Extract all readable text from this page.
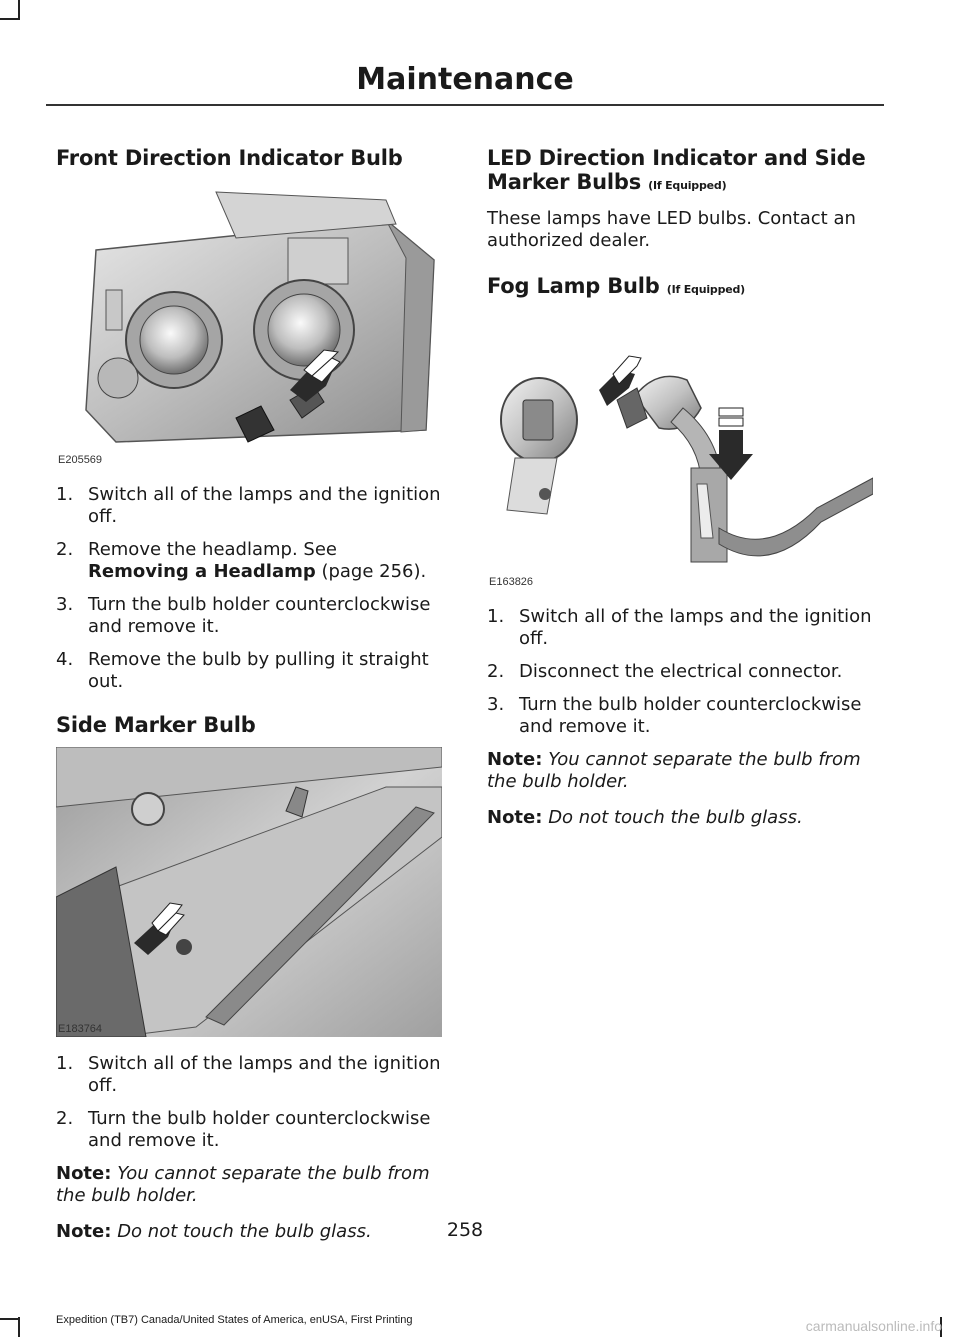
Maintenance
Front Direction Indicator Bulb
E205569
1. Switch all of the lamps and the ignition off.
2. Remove the headlamp. See
Removing a Headlamp (page 256).
3. Turn the bulb holder counterclockwise and remove it.
4. Remove the bulb by pulling it straight out.
Side Marker Bulb
E183764
1. Switch all of the lamps and the ignition off.
2. Turn the bulb holder counterclockwise and remove it.

Note: You cannot separate the bulb from the bulb holder.

Note: Do not touch the bulb glass.

LED Direction Indicator and Side Marker Bulbs (If Equipped)

These lamps have LED bulbs. Contact an authorized dealer.

Fog Lamp Bulb (If Equipped)
E163826
1. Switch all of the lamps and the ignition off.
2. Disconnect the electrical connector.
3. Turn the bulb holder counterclockwise and remove it.

Note: You cannot separate the bulb from the bulb holder.

Note: Do not touch the bulb glass.

258
Expedition (TB7) Canada/United States of America, enUSA, First Printing	carmanualsonline.info
